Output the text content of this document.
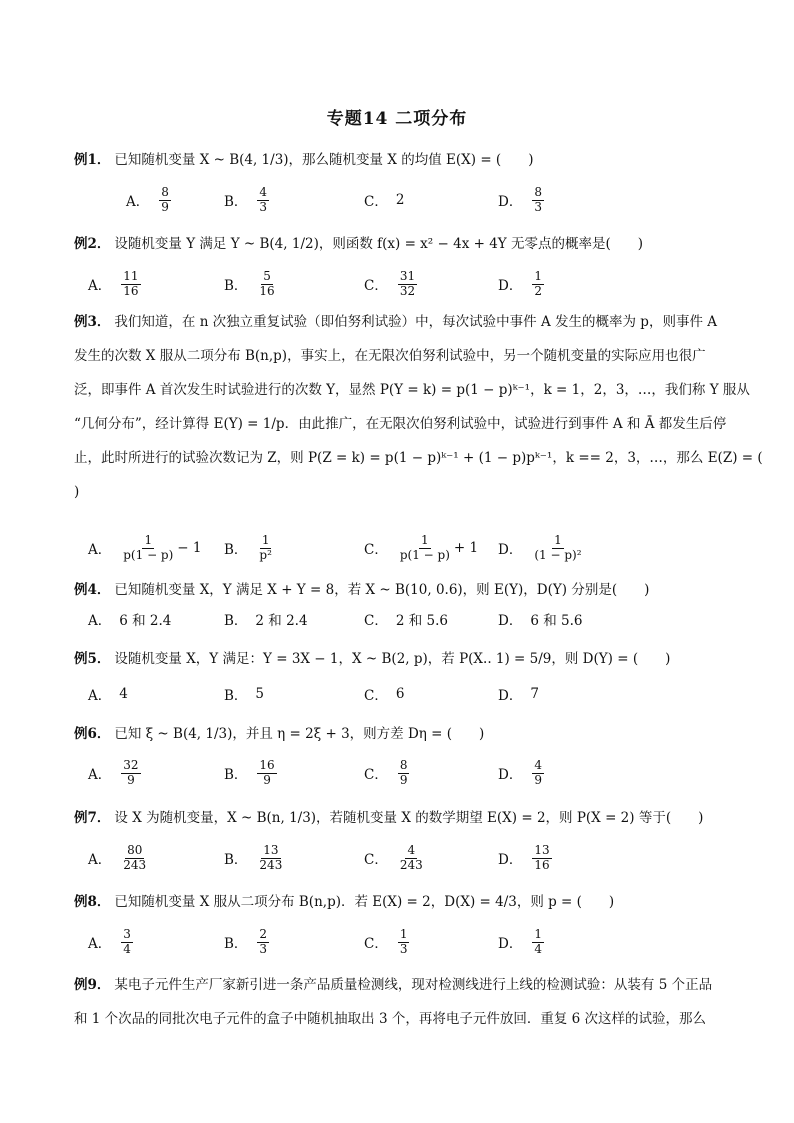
专题14 二项分布
例1． 已知随机变量 X ~ B(4, 1/3)，那么随机变量 X 的均值 E(X) = (　　)
A． $\frac{8}{9}$	B． $\frac{4}{3}$	C． 2	D． $\frac{8}{3}$
例2． 设随机变量 Y 满足 Y ~ B(4, 1/2)，则函数 f(x) = x² − 4x + 4Y 无零点的概率是(　　)
A． $\frac{11}{16}$	B． $\frac{5}{16}$	C． $\frac{31}{32}$	D． $\frac{1}{2}$
例3． 我们知道，在 n 次独立重复试验（即伯努利试验）中，每次试验中事件 A 发生的概率为 p，则事件 A
发生的次数 X 服从二项分布 B(n,p)，事实上，在无限次伯努利试验中，另一个随机变量的实际应用也很广
泛，即事件 A 首次发生时试验进行的次数 Y，显然 P(Y = k) = p(1 − p)ᵏ⁻¹，k = 1，2，3，…，我们称 Y 服从
“几何分布”，经计算得 E(Y) = 1/p．由此推广，在无限次伯努利试验中，试验进行到事件 A 和 Ā 都发生后停
止，此时所进行的试验次数记为 Z，则 P(Z = k) = p(1 − p)ᵏ⁻¹ + (1 − p)pᵏ⁻¹，k == 2，3，…，那么 E(Z) = (
)
A． $\frac{1}{p(1 - p)} - 1$ B． $\frac{1}{\text{p²}}$	C． $\frac{1}{p(1 - p)} + 1$ D． $\frac{1}{\text{(1 − p)²}}$
例4． 已知随机变量 X，Y 满足 X + Y = 8，若 X ~ B(10, 0.6)，则 E(Y)，D(Y) 分别是(　　)
A． 6 和 2.4	B． 2 和 2.4	C． 2 和 5.6	D． 6 和 5.6
例5． 设随机变量 X，Y 满足：Y = 3X − 1，X ~ B(2, p)，若 P(X.. 1) = 5/9，则 D(Y) = (　　)
A． 4	B． 5	C． 6	D． 7
例6． 已知 ξ ~ B(4, 1/3)，并且 η = 2ξ + 3，则方差 Dη = (　　)
A． $\frac{32}{9}$	B． $\frac{16}{9}$	C． $\frac{8}{9}$	D． $\frac{4}{9}$
例7． 设 X 为随机变量，X ~ B(n, 1/3)，若随机变量 X 的数学期望 E(X) = 2，则 P(X = 2) 等于(　　)
A． $\frac{80}{243}$	B． $\frac{13}{243}$	C． $\frac{4}{243}$	D． $\frac{13}{16}$
例8． 已知随机变量 X 服从二项分布 B(n,p)．若 E(X) = 2，D(X) = 4/3，则 p = (　　)
A． $\frac{3}{4}$	B． $\frac{2}{3}$	C． $\frac{1}{3}$	D． $\frac{1}{4}$
例9． 某电子元件生产厂家新引进一条产品质量检测线，现对检测线进行上线的检测试验：从装有 5 个正品
和 1 个次品的同批次电子元件的盒子中随机抽取出 3 个，再将电子元件放回．重复 6 次这样的试验，那么
